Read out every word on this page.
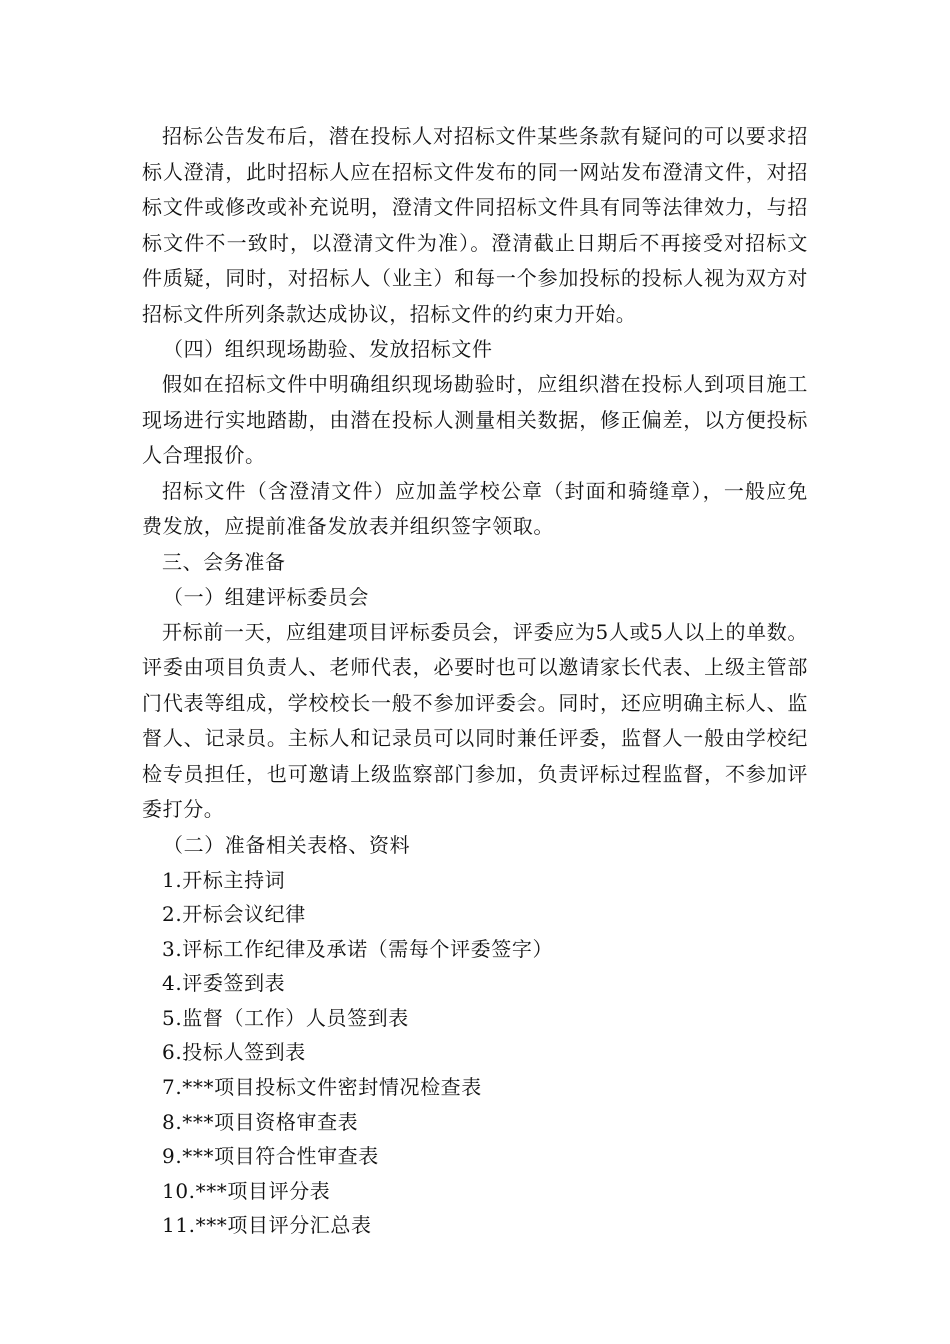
招标公告发布后，潜在投标人对招标文件某些条款有疑问的可以要求招标人澄清，此时招标人应在招标文件发布的同一网站发布澄清文件，对招标文件或修改或补充说明，澄清文件同招标文件具有同等法律效力，与招标文件不一致时，以澄清文件为准）。澄清截止日期后不再接受对招标文件质疑，同时，对招标人（业主）和每一个参加投标的投标人视为双方对招标文件所列条款达成协议，招标文件的约束力开始。

（四）组织现场勘验、发放招标文件

假如在招标文件中明确组织现场勘验时，应组织潜在投标人到项目施工现场进行实地踏勘，由潜在投标人测量相关数据，修正偏差，以方便投标人合理报价。

招标文件（含澄清文件）应加盖学校公章（封面和骑缝章），一般应免费发放，应提前准备发放表并组织签字领取。

三、会务准备

（一）组建评标委员会

开标前一天，应组建项目评标委员会，评委应为5人或5人以上的单数。评委由项目负责人、老师代表，必要时也可以邀请家长代表、上级主管部门代表等组成，学校校长一般不参加评委会。同时，还应明确主标人、监督人、记录员。主标人和记录员可以同时兼任评委，监督人一般由学校纪检专员担任，也可邀请上级监察部门参加，负责评标过程监督，不参加评委打分。

（二）准备相关表格、资料

1.开标主持词

2.开标会议纪律

3.评标工作纪律及承诺（需每个评委签字）

4.评委签到表

5.监督（工作）人员签到表

6.投标人签到表

7.***项目投标文件密封情况检查表

8.***项目资格审查表

9.***项目符合性审查表

10.***项目评分表

11.***项目评分汇总表
